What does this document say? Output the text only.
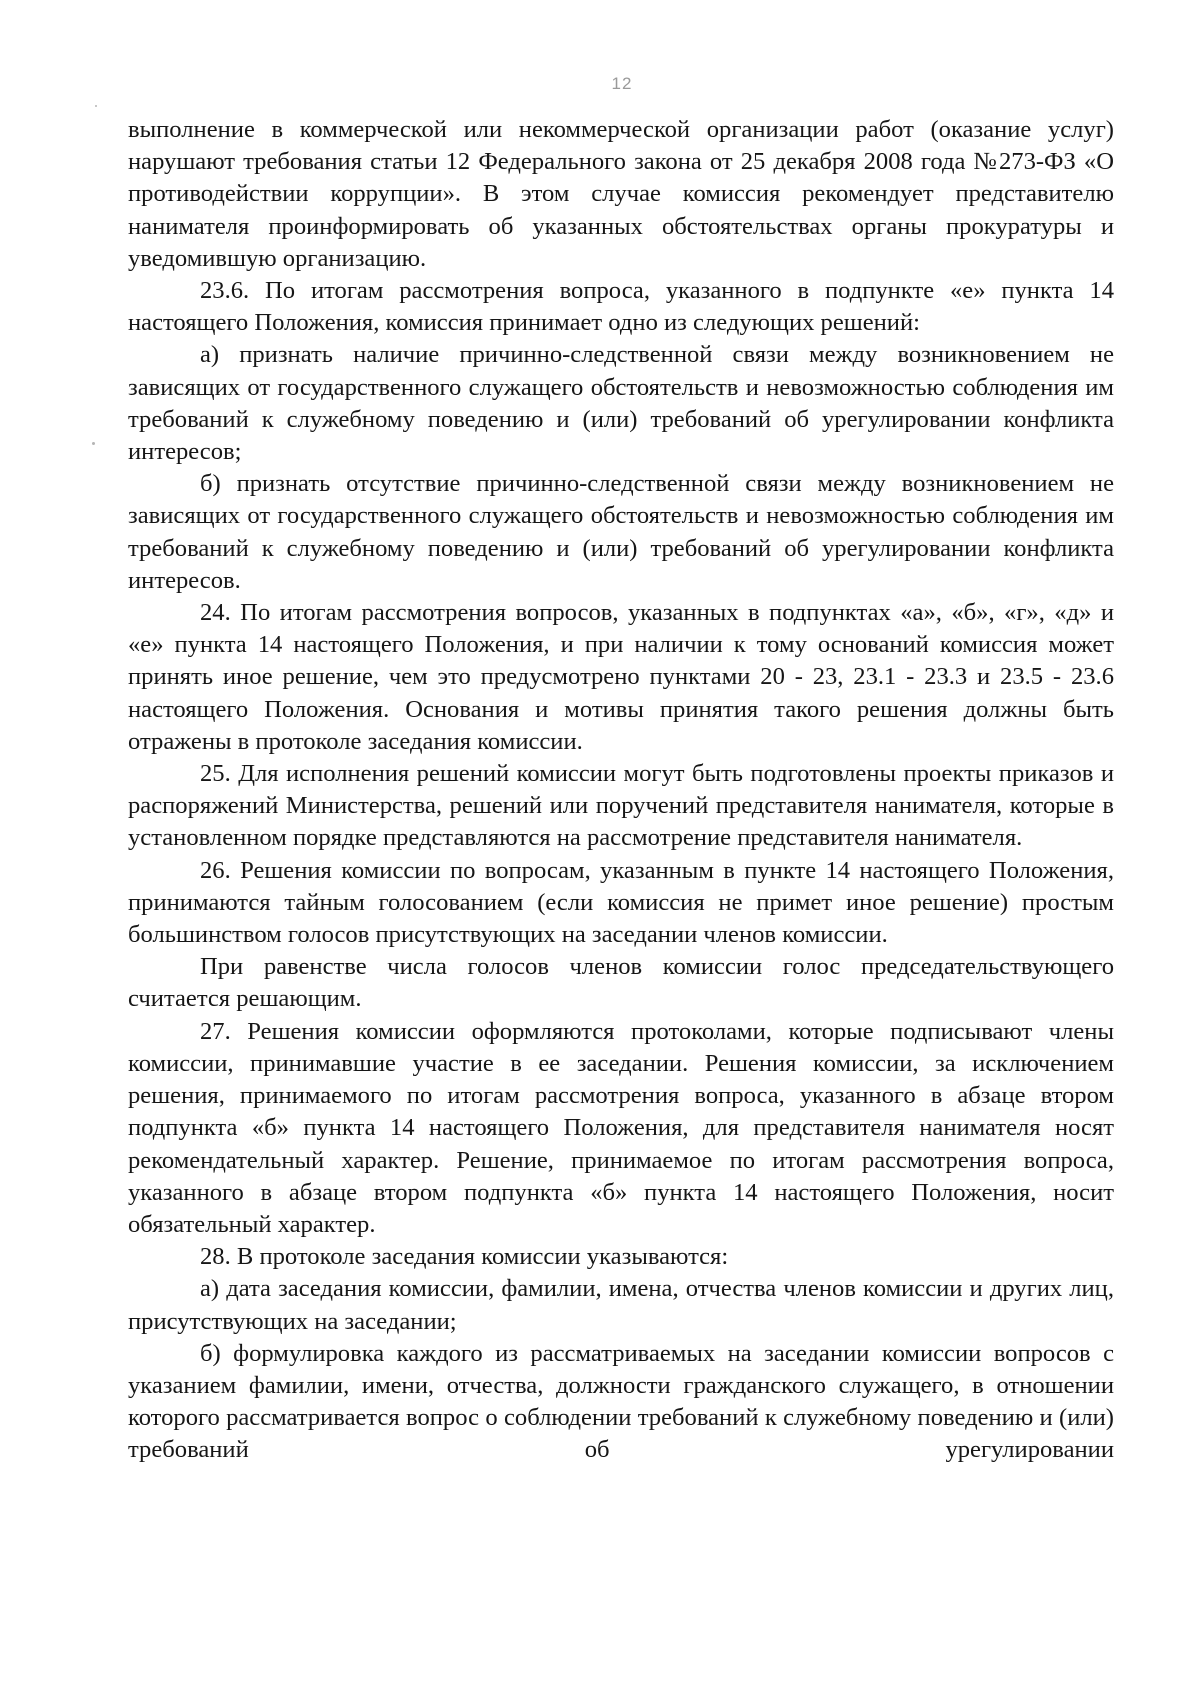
12

выполнение в коммерческой или некоммерческой организации работ (оказание услуг) нарушают требования статьи 12 Федерального закона от 25 декабря 2008 года №273-ФЗ «О противодействии коррупции». В этом случае комиссия рекомендует представителю нанимателя проинформировать об указанных обстоятельствах органы прокуратуры и уведомившую организацию.

23.6. По итогам рассмотрения вопроса, указанного в подпункте «е» пункта 14 настоящего Положения, комиссия принимает одно из следующих решений:

а) признать наличие причинно-следственной связи между возникновением не зависящих от государственного служащего обстоятельств и невозможностью соблюдения им требований к служебному поведению и (или) требований об урегулировании конфликта интересов;

б) признать отсутствие причинно-следственной связи между возникновением не зависящих от государственного служащего обстоятельств и невозможностью соблюдения им требований к служебному поведению и (или) требований об урегулировании конфликта интересов.

24. По итогам рассмотрения вопросов, указанных в подпунктах «а», «б», «г», «д» и «е» пункта 14 настоящего Положения, и при наличии к тому оснований комиссия может принять иное решение, чем это предусмотрено пунктами 20 - 23, 23.1 - 23.3 и 23.5 - 23.6 настоящего Положения. Основания и мотивы принятия такого решения должны быть отражены в протоколе заседания комиссии.

25. Для исполнения решений комиссии могут быть подготовлены проекты приказов и распоряжений Министерства, решений или поручений представителя нанимателя, которые в установленном порядке представляются на рассмотрение представителя нанимателя.

26. Решения комиссии по вопросам, указанным в пункте 14 настоящего Положения, принимаются тайным голосованием (если комиссия не примет иное решение) простым большинством голосов присутствующих на заседании членов комиссии.

При равенстве числа голосов членов комиссии голос председательствующего считается решающим.

27. Решения комиссии оформляются протоколами, которые подписывают члены комиссии, принимавшие участие в ее заседании. Решения комиссии, за исключением решения, принимаемого по итогам рассмотрения вопроса, указанного в абзаце втором подпункта «б» пункта 14 настоящего Положения, для представителя нанимателя носят рекомендательный характер. Решение, принимаемое по итогам рассмотрения вопроса, указанного в абзаце втором подпункта «б» пункта 14 настоящего Положения, носит обязательный характер.

28. В протоколе заседания комиссии указываются:

а) дата заседания комиссии, фамилии, имена, отчества членов комиссии и других лиц, присутствующих на заседании;

б) формулировка каждого из рассматриваемых на заседании комиссии вопросов с указанием фамилии, имени, отчества, должности гражданского служащего, в отношении которого рассматривается вопрос о соблюдении требований к служебному поведению и (или) требований об урегулировании
